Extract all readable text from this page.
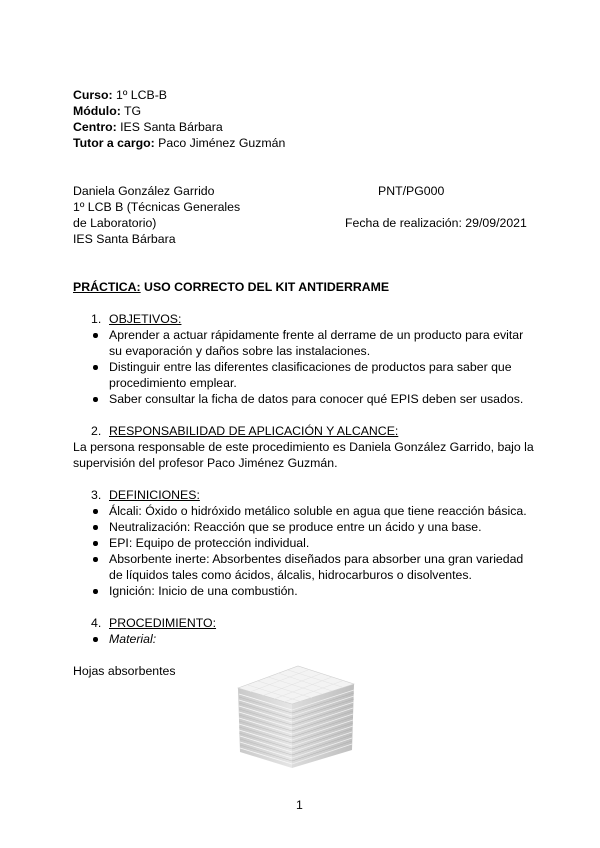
Curso: 1º LCB-B
Módulo: TG
Centro: IES Santa Bárbara
Tutor a cargo: Paco Jiménez Guzmán
Daniela González Garrido
1º LCB B (Técnicas Generales
de Laboratorio)
IES Santa Bárbara
PNT/PG000
Fecha de realización: 29/09/2021
PRÁCTICA: USO CORRECTO DEL KIT ANTIDERRAME
1. OBJETIVOS:
Aprender a actuar rápidamente frente al derrame de un producto para evitar
su evaporación y daños sobre las instalaciones.
Distinguir entre las diferentes clasificaciones de productos para saber que
procedimiento emplear.
Saber consultar la ficha de datos para conocer qué EPIS deben ser usados.
2. RESPONSABILIDAD DE APLICACIÓN Y ALCANCE:
La persona responsable de este procedimiento es Daniela González Garrido, bajo la
supervisión del profesor Paco Jiménez Guzmán.
3. DEFINICIONES:
Álcali: Óxido o hidróxido metálico soluble en agua que tiene reacción básica.
Neutralización: Reacción que se produce entre un ácido y una base.
EPI: Equipo de protección individual.
Absorbente inerte: Absorbentes diseñados para absorber una gran variedad
de líquidos tales como ácidos, álcalis, hidrocarburos o disolventes.
Ignición: Inicio de una combustión.
4. PROCEDIMIENTO:
Material:
Hojas absorbentes
1
